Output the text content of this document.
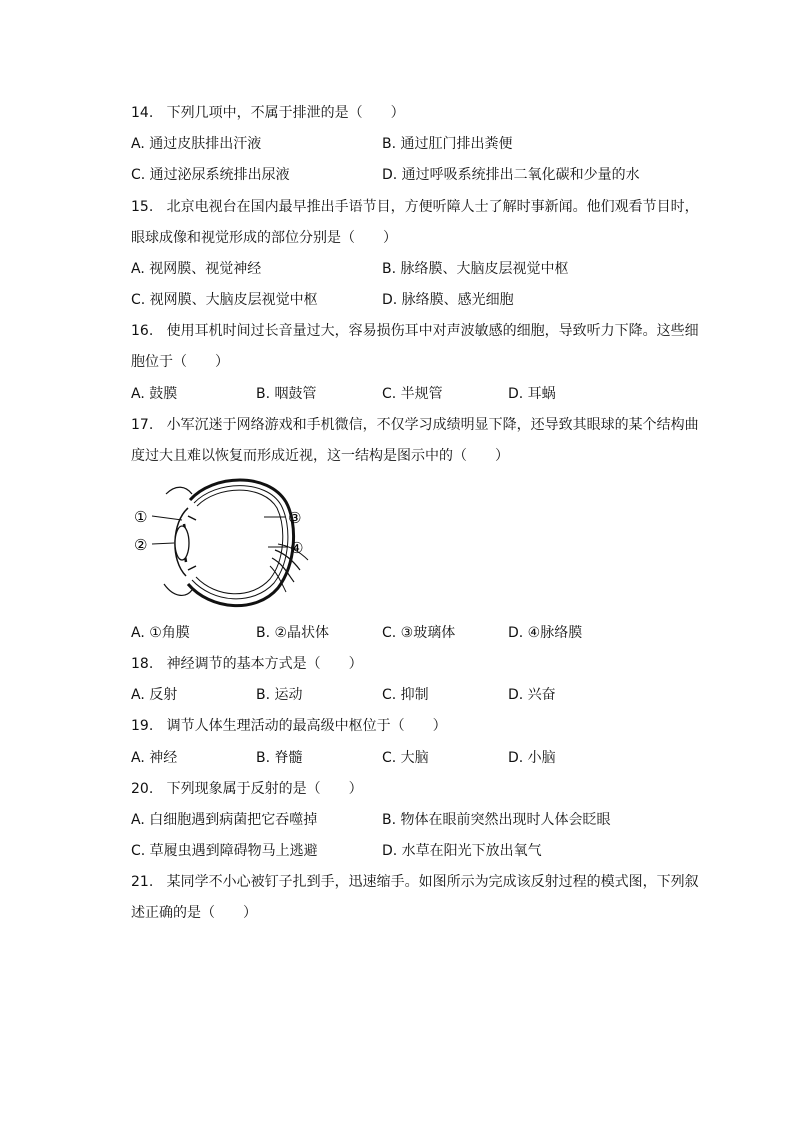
14. 下列几项中，不属于排泄的是（　　）
A. 通过皮肤排出汗液	B. 通过肛门排出粪便
C. 通过泌尿系统排出尿液	D. 通过呼吸系统排出二氧化碳和少量的水
15. 北京电视台在国内最早推出手语节目，方便听障人士了解时事新闻。他们观看节目时，
眼球成像和视觉形成的部位分别是（　　）
A. 视网膜、视觉神经	B. 脉络膜、大脑皮层视觉中枢
C. 视网膜、大脑皮层视觉中枢	D. 脉络膜、感光细胞
16. 使用耳机时间过长音量过大，容易损伤耳中对声波敏感的细胞，导致听力下降。这些细
胞位于（　　）
A. 鼓膜	B. 咽鼓管	C. 半规管	D. 耳蜗
17. 小军沉迷于网络游戏和手机微信，不仅学习成绩明显下降，还导致其眼球的某个结构曲
度过大且难以恢复而形成近视，这一结构是图示中的（　　）
①
②
③
④
A. ①角膜	B. ②晶状体	C. ③玻璃体	D. ④脉络膜
18. 神经调节的基本方式是（　　）
A. 反射	B. 运动	C. 抑制	D. 兴奋
19. 调节人体生理活动的最高级中枢位于（　　）
A. 神经	B. 脊髓	C. 大脑	D. 小脑
20. 下列现象属于反射的是（　　）
A. 白细胞遇到病菌把它吞噬掉	B. 物体在眼前突然出现时人体会眨眼
C. 草履虫遇到障碍物马上逃避	D. 水草在阳光下放出氧气
21. 某同学不小心被钉子扎到手，迅速缩手。如图所示为完成该反射过程的模式图，下列叙
述正确的是（　　）
